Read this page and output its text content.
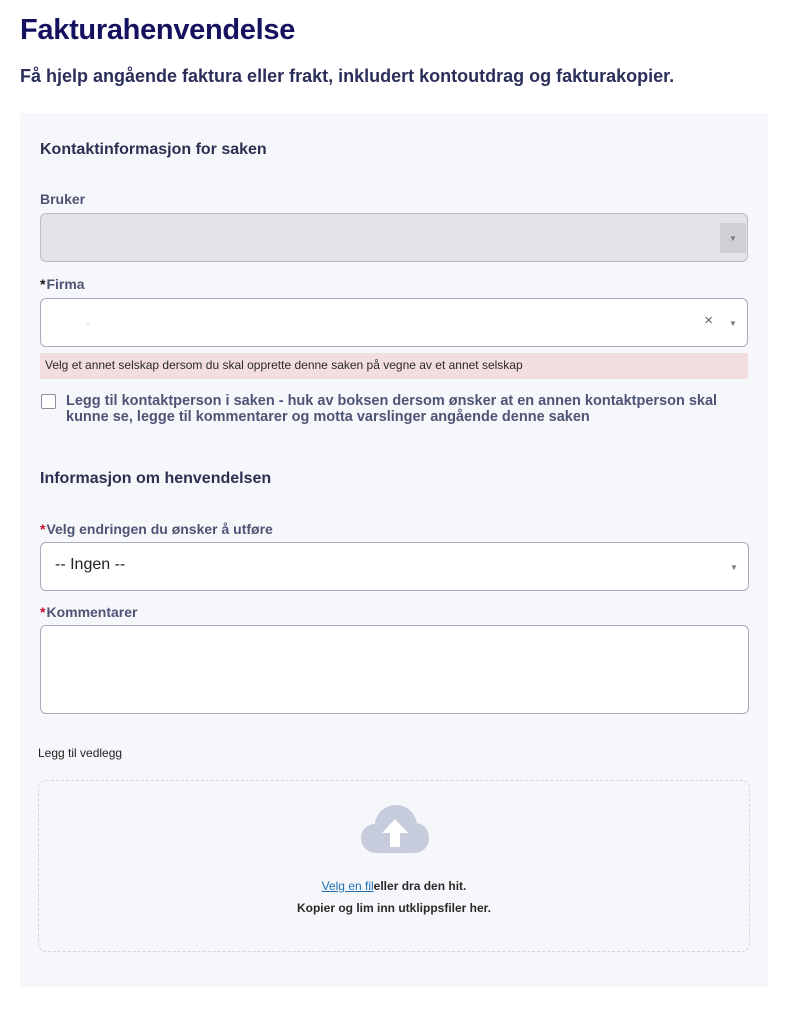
Fakturahenvendelse
Få hjelp angående faktura eller frakt, inkludert kontoutdrag og fakturakopier.
Kontaktinformasjon for saken
Bruker
▼
*Firma
×	▼
Velg et annet selskap dersom du skal opprette denne saken på vegne av et annet selskap
Legg til kontaktperson i saken - huk av boksen dersom ønsker at en annen kontaktperson skal kunne se, legge til kommentarer og motta varslinger angående denne saken
Informasjon om henvendelsen
*Velg endringen du ønsker å utføre
-- Ingen --	▼
*Kommentarer
Legg til vedlegg
Velg en fileller dra den hit.
Kopier og lim inn utklippsfiler her.
